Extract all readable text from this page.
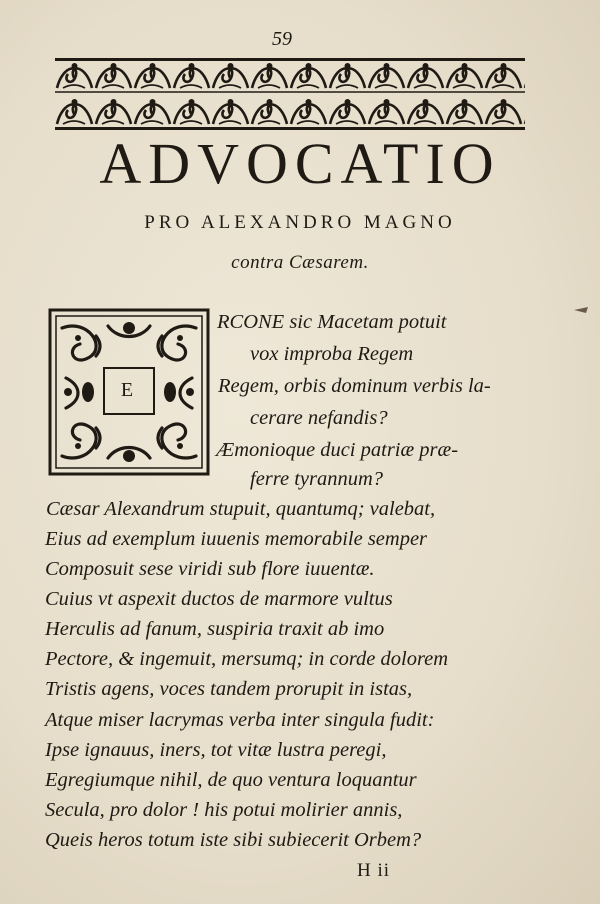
59
ADVOCATIO
PRO ALEXANDRO MAGNO
contra Cæsarem.
E
RCONE sic Macetam potuit
vox improba Regem
Regem, orbis dominum verbis la-
cerare nefandis?
Æmonioque duci patriæ præ-
ferre tyrannum?
Cæsar Alexandrum stupuit, quantumq; valebat,
Eius ad exemplum iuuenis memorabile semper
Composuit sese viridi sub flore iuuentæ.
Cuius vt aspexit ductos de marmore vultus
Herculis ad fanum, suspiria traxit ab imo
Pectore, & ingemuit, mersumq; in corde dolorem
Tristis agens, voces tandem prorupit in istas,
Atque miser lacrymas verba inter singula fudit:
Ipse ignauus, iners, tot vitæ lustra peregi,
Egregiumque nihil, de quo ventura loquantur
Secula, pro dolor ! his potui molirier annis,
Queis heros totum iste sibi subiecerit Orbem?
H ii
